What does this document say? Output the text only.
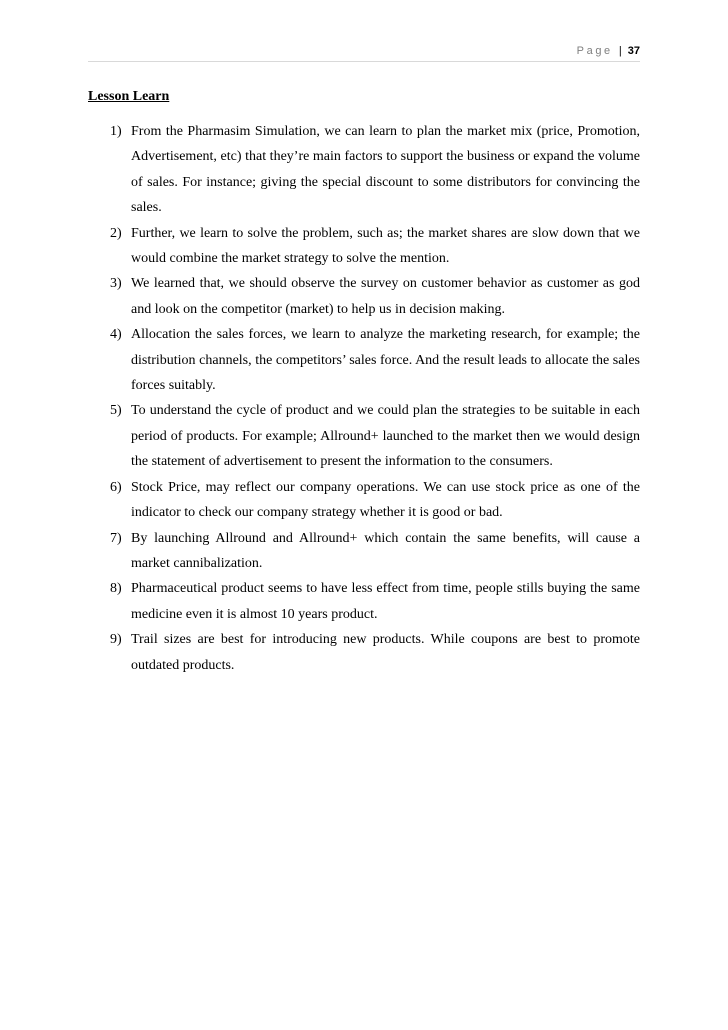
Page | 37
Lesson Learn
1) From the Pharmasim Simulation, we can learn to plan the market mix (price, Promotion, Advertisement, etc) that they’re main factors to support the business or expand the volume of sales. For instance; giving the special discount to some distributors for convincing the sales.
2) Further, we learn to solve the problem, such as; the market shares are slow down that we would combine the market strategy to solve the mention.
3) We learned that, we should observe the survey on customer behavior as customer as god and look on the competitor (market) to help us in decision making.
4) Allocation the sales forces, we learn to analyze the marketing research, for example; the distribution channels, the competitors’ sales force. And the result leads to allocate the sales forces suitably.
5) To understand the cycle of product and we could plan the strategies to be suitable in each period of products. For example; Allround+ launched to the market then we would design the statement of advertisement to present the information to the consumers.
6) Stock Price, may reflect our company operations. We can use stock price as one of the indicator to check our company strategy whether it is good or bad.
7) By launching Allround and Allround+ which contain the same benefits, will cause a market cannibalization.
8) Pharmaceutical product seems to have less effect from time, people stills buying the same medicine even it is almost 10 years product.
9) Trail sizes are best for introducing new products. While coupons are best to promote outdated products.
